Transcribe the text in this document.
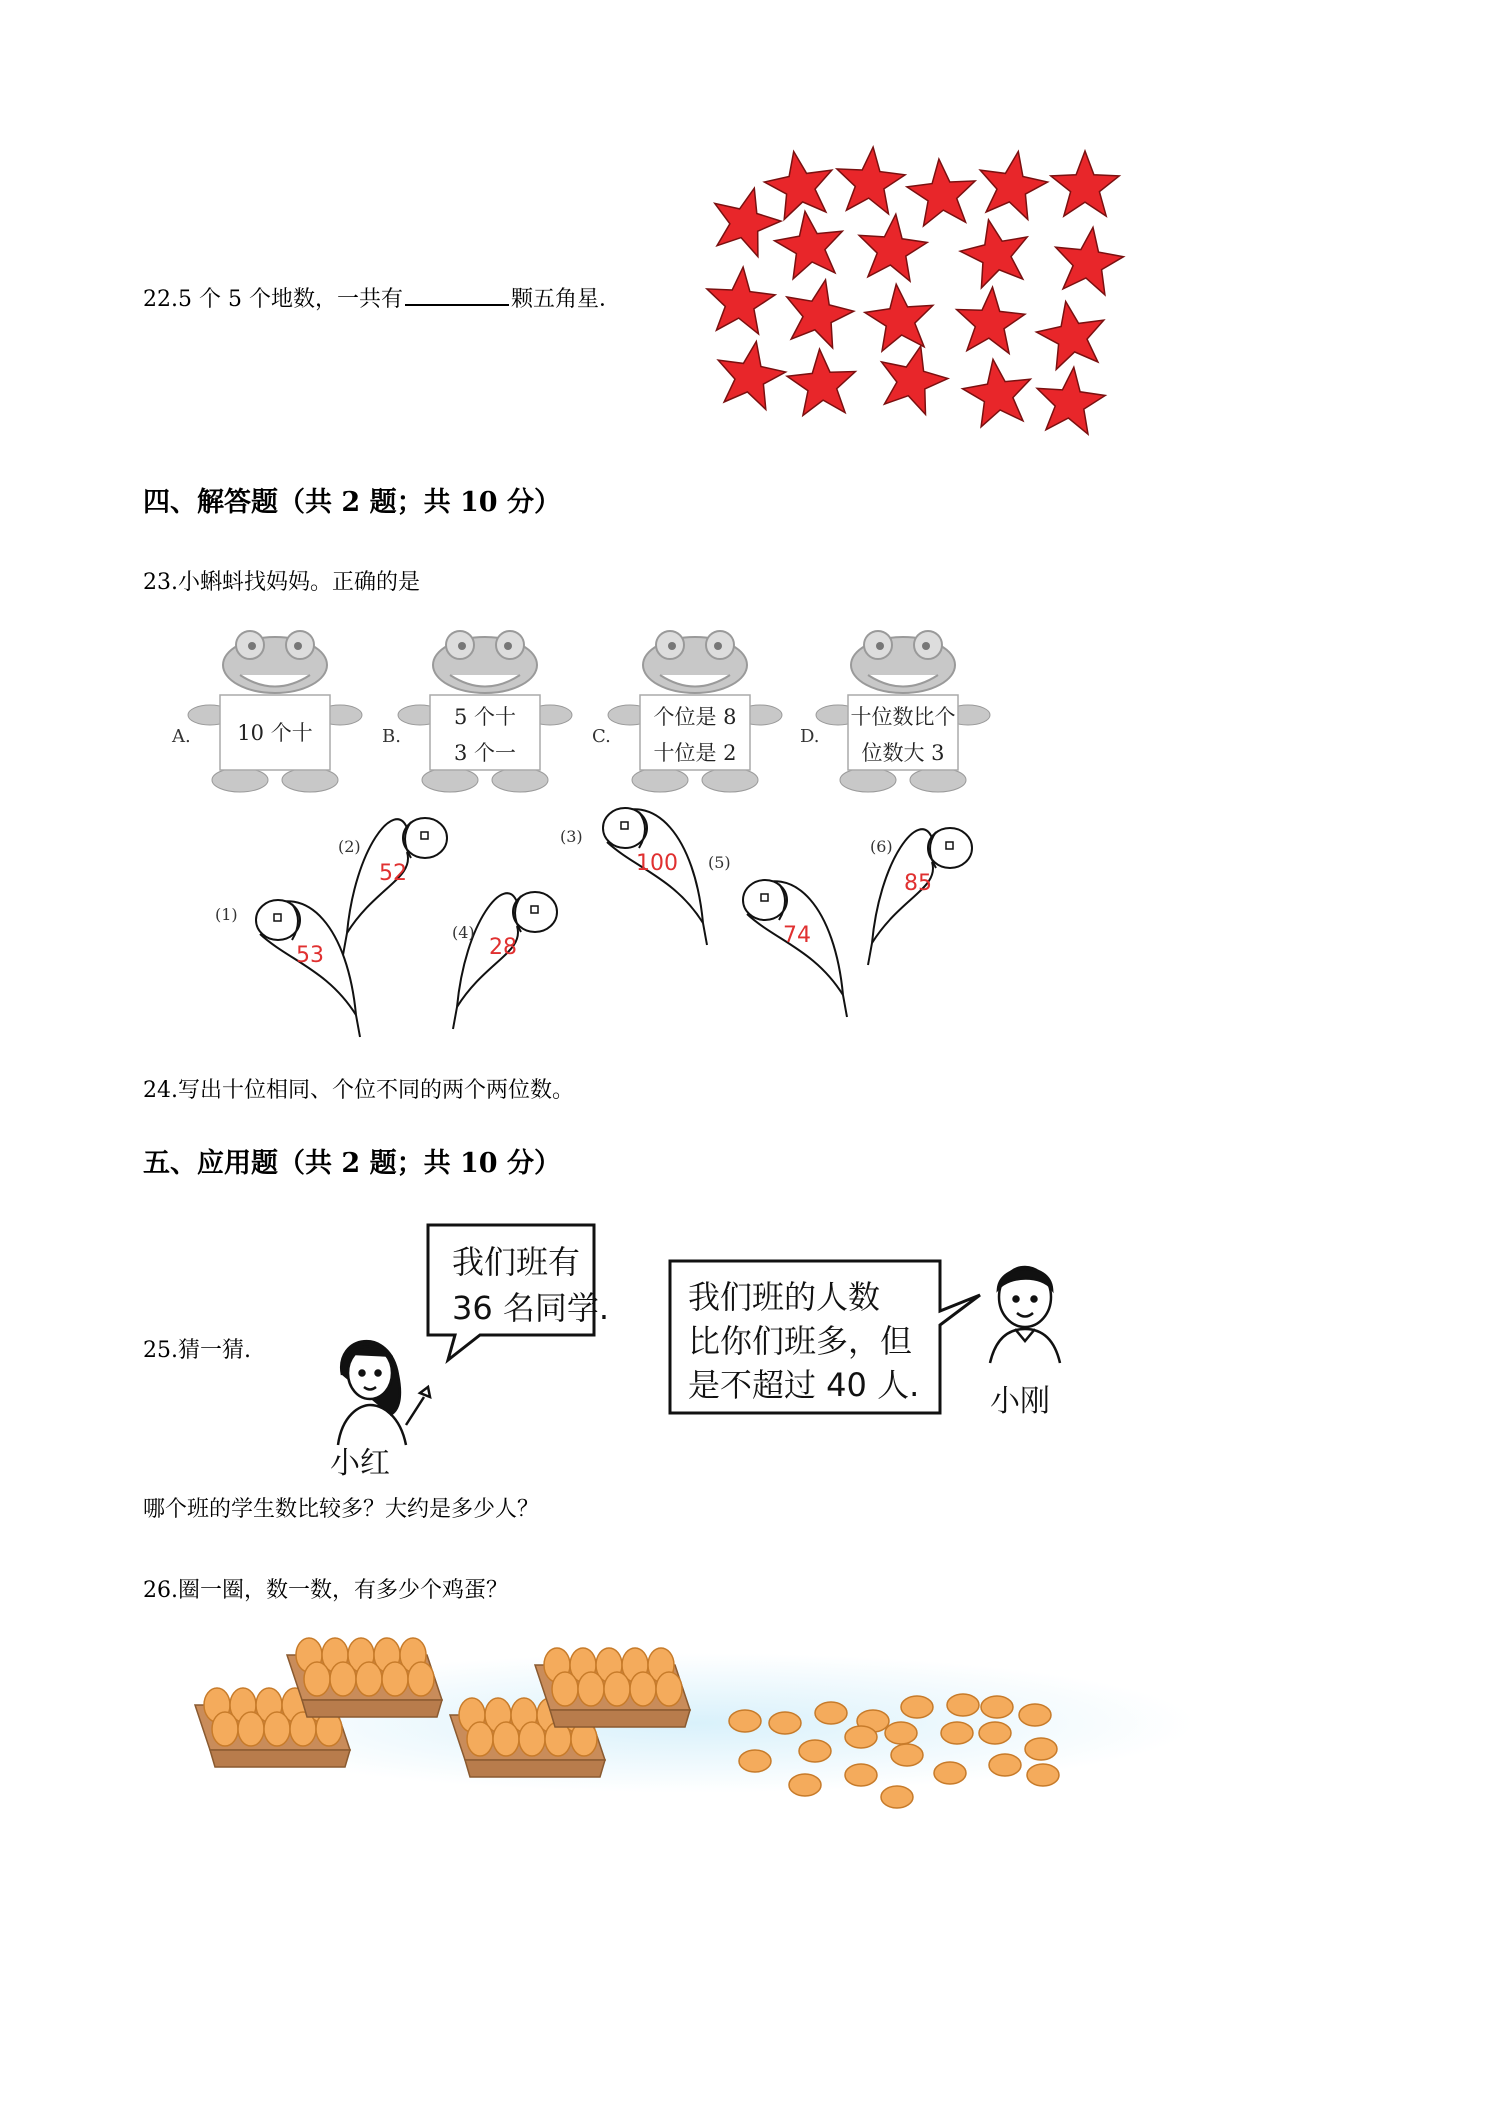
22.5 个 5 个地数，一共有	颗五角星．
四、解答题（共 2 题；共 10 分）
23.小蝌蚪找妈妈。正确的是
A. 10 个十	B.
5 个十
3 个一
C.
个位是 8
十位是 2
D.
十位数比个
位数大 3
53
(1)
52
(2)
100
(3)
28
(4)	74
(5)
85
(6)
24.写出十位相同、个位不同的两个两位数。
五、应用题（共 2 题；共 10 分）
25.猜一猜.
我们班有
36 名同学. 我们班的人数
比你们班多，但
是不超过 40 人.
小红
小刚
哪个班的学生数比较多？大约是多少人？
26.圈一圈，数一数，有多少个鸡蛋？
